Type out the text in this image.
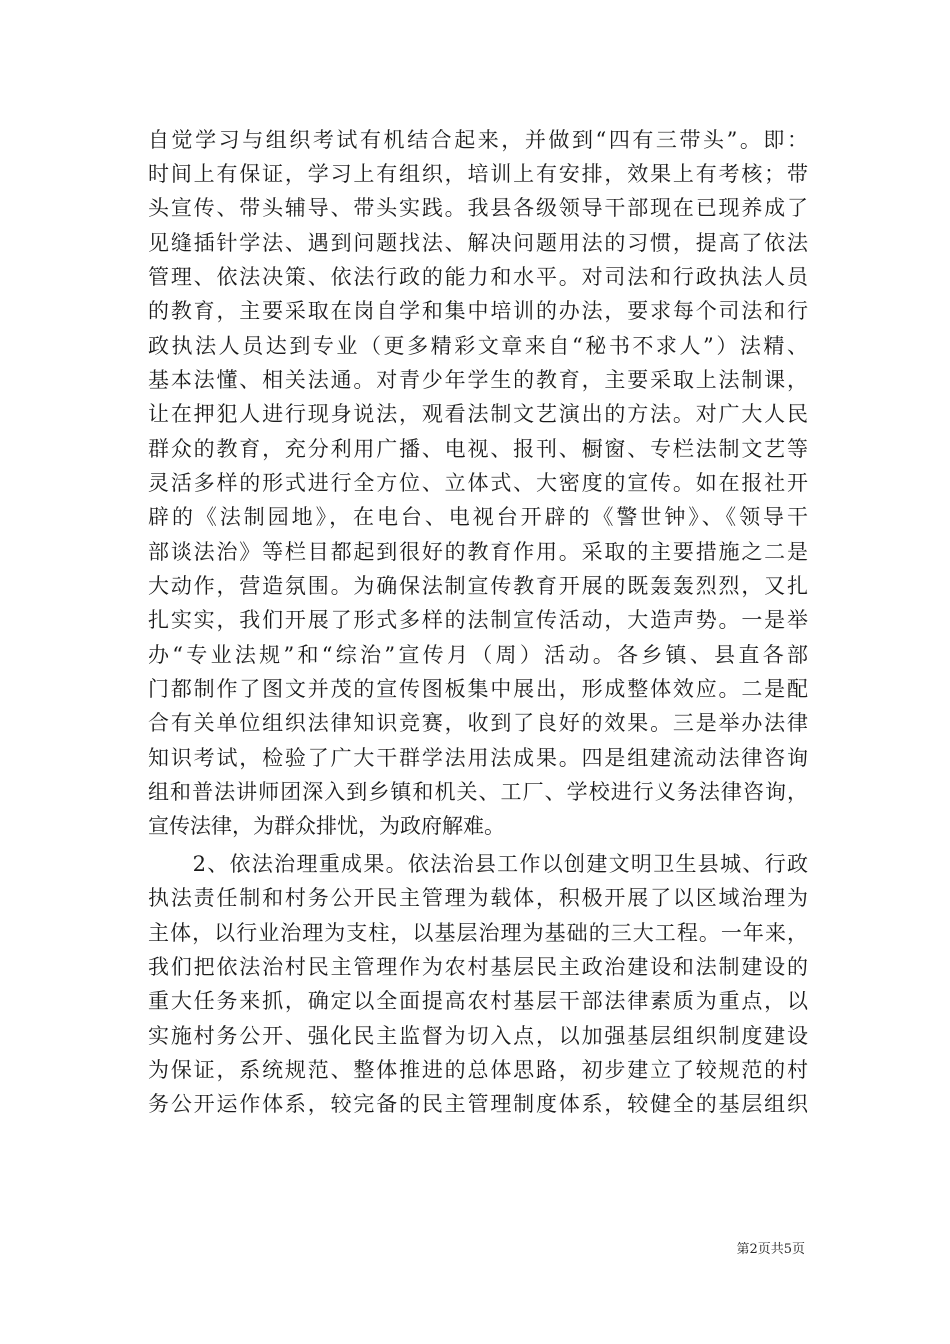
自觉学习与组织考试有机结合起来，并做到“四有三带头”。即：
时间上有保证，学习上有组织，培训上有安排，效果上有考核；带
头宣传、带头辅导、带头实践。我县各级领导干部现在已现养成了
见缝插针学法、遇到问题找法、解决问题用法的习惯，提高了依法
管理、依法决策、依法行政的能力和水平。对司法和行政执法人员
的教育，主要采取在岗自学和集中培训的办法，要求每个司法和行
政执法人员达到专业（更多精彩文章来自“秘书不求人”）法精、
基本法懂、相关法通。对青少年学生的教育，主要采取上法制课，
让在押犯人进行现身说法，观看法制文艺演出的方法。对广大人民
群众的教育，充分利用广播、电视、报刊、橱窗、专栏法制文艺等
灵活多样的形式进行全方位、立体式、大密度的宣传。如在报社开
辟的《法制园地》，在电台、电视台开辟的《警世钟》、《领导干
部谈法治》等栏目都起到很好的教育作用。采取的主要措施之二是
大动作，营造氛围。为确保法制宣传教育开展的既轰轰烈烈，又扎
扎实实，我们开展了形式多样的法制宣传活动，大造声势。一是举
办“专业法规”和“综治”宣传月（周）活动。各乡镇、县直各部
门都制作了图文并茂的宣传图板集中展出，形成整体效应。二是配
合有关单位组织法律知识竞赛，收到了良好的效果。三是举办法律
知识考试，检验了广大干群学法用法成果。四是组建流动法律咨询
组和普法讲师团深入到乡镇和机关、工厂、学校进行义务法律咨询，
宣传法律，为群众排忧，为政府解难。
　　2、依法治理重成果。依法治县工作以创建文明卫生县城、行政
执法责任制和村务公开民主管理为载体，积极开展了以区域治理为
主体，以行业治理为支柱，以基层治理为基础的三大工程。一年来，
我们把依法治村民主管理作为农村基层民主政治建设和法制建设的
重大任务来抓，确定以全面提高农村基层干部法律素质为重点，以
实施村务公开、强化民主监督为切入点，以加强基层组织制度建设
为保证，系统规范、整体推进的总体思路，初步建立了较规范的村
务公开运作体系，较完备的民主管理制度体系，较健全的基层组织
第2页共5页
